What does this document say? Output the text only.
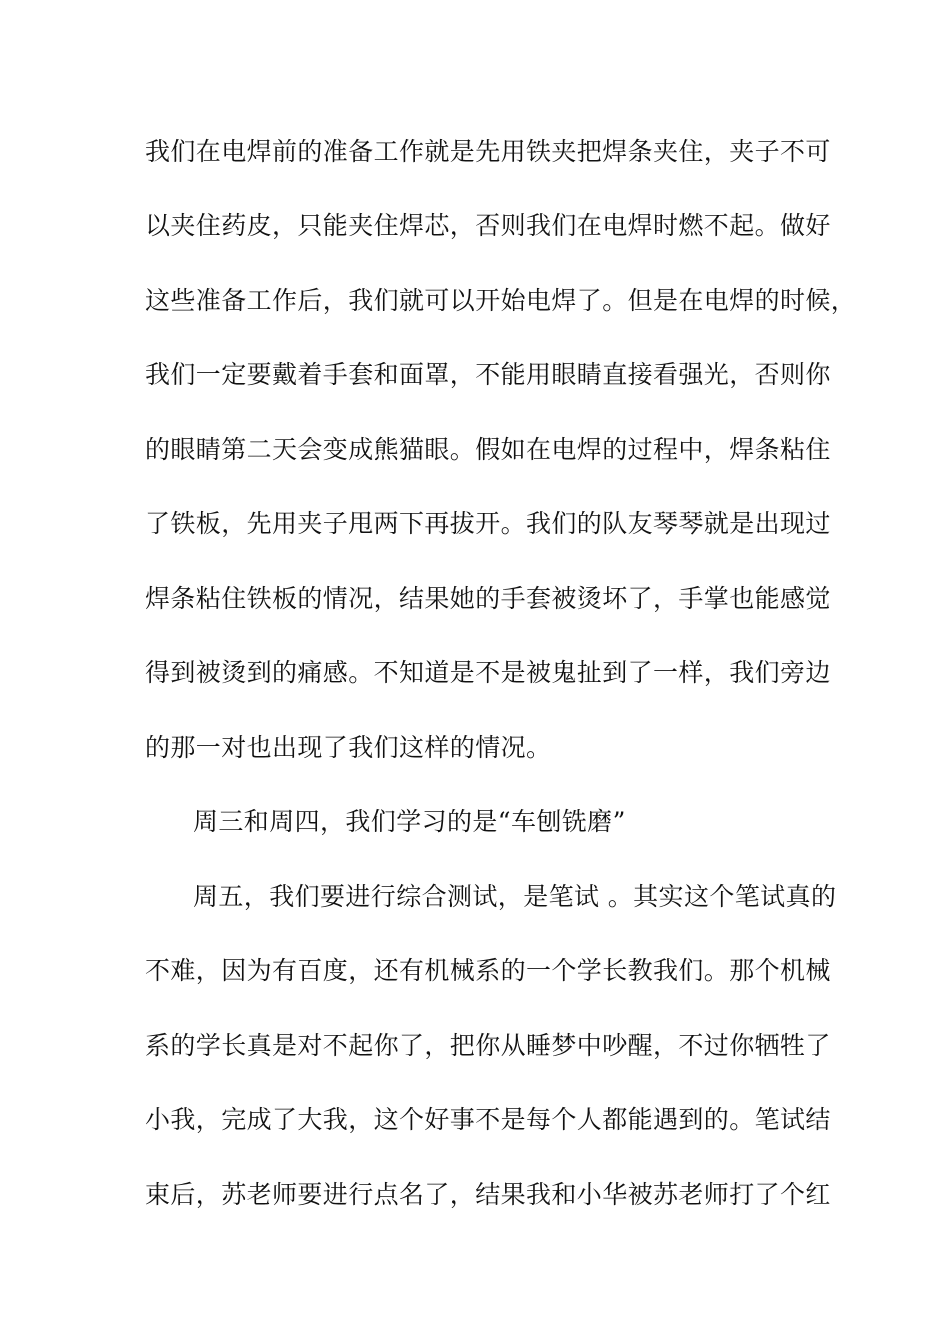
我们在电焊前的准备工作就是先用铁夹把焊条夹住，夹子不可
以夹住药皮，只能夹住焊芯，否则我们在电焊时燃不起。做好
这些准备工作后，我们就可以开始电焊了。但是在电焊的时候，
我们一定要戴着手套和面罩，不能用眼睛直接看强光，否则你
的眼睛第二天会变成熊猫眼。假如在电焊的过程中，焊条粘住
了铁板，先用夹子甩两下再拔开。我们的队友琴琴就是出现过
焊条粘住铁板的情况，结果她的手套被烫坏了，手掌也能感觉
得到被烫到的痛感。不知道是不是被鬼扯到了一样，我们旁边
的那一对也出现了我们这样的情况。
周三和周四，我们学习的是“车刨铣磨”
周五，我们要进行综合测试，是笔试 。其实这个笔试真的
不难，因为有百度，还有机械系的一个学长教我们。那个机械
系的学长真是对不起你了，把你从睡梦中吵醒，不过你牺牲了
小我，完成了大我，这个好事不是每个人都能遇到的。笔试结
束后，苏老师要进行点名了，结果我和小华被苏老师打了个红
